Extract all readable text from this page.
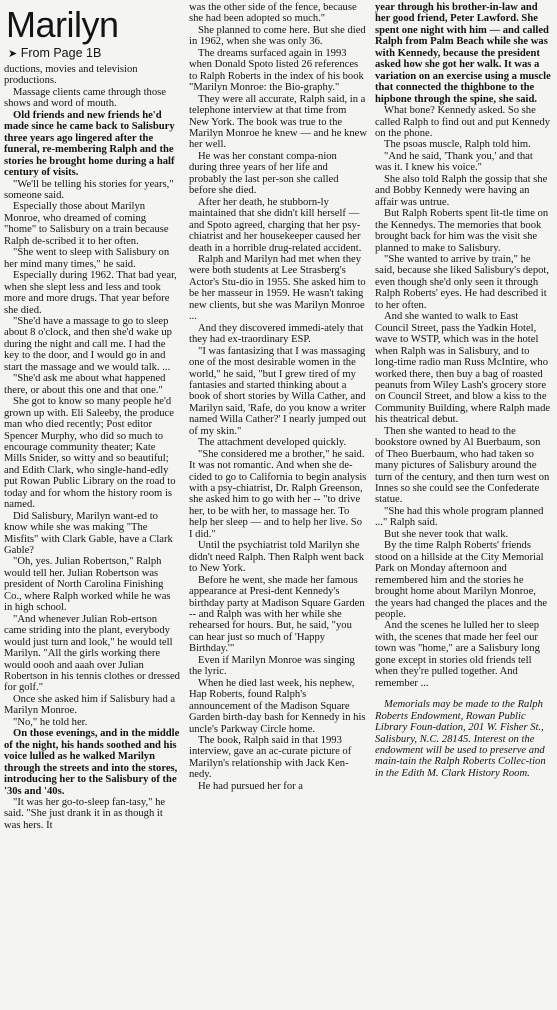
Marilyn
➤ From Page 1B

ductions, movies and television productions.

Massage clients came through those shows and word of mouth.

Old friends and new friends he'd made since he came back to Salisbury three years ago lingered after the funeral, re-membering Ralph and the stories he brought home during a half century of visits.

"We'll be telling his stories for years," someone said.

Especially those about Marilyn Monroe, who dreamed of coming "home" to Salisbury on a train because Ralph de-scribed it to her often.

"She went to sleep with Salisbury on her mind many times," he said.

Especially during 1962. That bad year, when she slept less and less and took more and more drugs. That year before she died.

"She'd have a massage to go to sleep about 8 o'clock, and then she'd wake up during the night and call me. I had the key to the door, and I would go in and start the massage and we would talk. ...

"She'd ask me about what happened there, or about this one and that one."

She got to know so many people he'd grown up with. Eli Saleeby, the produce man who died recently; Post editor Spencer Murphy, who did so much to encourage community theater; Kate Mills Snider, so witty and so beautiful; and Edith Clark, who single-hand-edly put Rowan Public Library on the road to today and for whom the history room is named.

Did Salisbury, Marilyn want-ed to know while she was making "The Misfits" with Clark Gable, have a Clark Gable?

"Oh, yes. Julian Robertson," Ralph would tell her. Julian Robertson was president of North Carolina Finishing Co., where Ralph worked while he was in high school.

"And whenever Julian Rob-ertson came striding into the plant, everybody would just turn and look," he would tell Marilyn. "All the girls working there would oooh and aaah over Julian Robertson in his tennis clothes or dressed for golf."

Once she asked him if Salisbury had a Marilyn Monroe.

"No," he told her.

On those evenings, and in the middle of the night, his hands soothed and his voice lulled as he walked Marilyn through the streets and into the stores, introducing her to the Salisbury of the '30s and '40s.

"It was her go-to-sleep fan-tasy," he said. "She just drank it in as though it was hers. It

was the other side of the fence, because she had been adopted so much."

She planned to come here. But she died in 1962, when she was only 36.

The dreams surfaced again in 1993 when Donald Spoto listed 26 references to Ralph Roberts in the index of his book "Marilyn Monroe: the Bio-graphy."

They were all accurate, Ralph said, in a telephone interview at that time from New York. The book was true to the Marilyn Monroe he knew — and he knew her well.

He was her constant compa-nion during three years of her life and probably the last per-son she called before she died.

After her death, he stubborn-ly maintained that she didn't kill herself — and Spoto agreed, charging that her psy-chiatrist and her housekeeper caused her death in a horrible drug-related accident.

Ralph and Marilyn had met when they were both students at Lee Strasberg's Actor's Stu-dio in 1955. She asked him to be her masseur in 1959. He wasn't taking new clients, but she was Marilyn Monroe ...

And they discovered immedi-ately that they had ex-traordinary ESP.

"I was fantasizing that I was massaging one of the most desirable women in the world," he said, "but I grew tired of my fantasies and started thinking about a book of short stories by Willa Cather, and Marilyn said, 'Rafe, do you know a writer named Willa Cather?' I nearly jumped out of my skin."

The attachment developed quickly.

"She considered me a brother," he said. It was not romantic. And when she de-cided to go to California to begin analysis with a psy-chiatrist, Dr. Ralph Greenson, she asked him to go with her -- "to drive her, to be with her, to massage her. To help her sleep — and to help her live. So I did."

Until the psychiatrist told Marilyn she didn't need Ralph. Then Ralph went back to New York.

Before he went, she made her famous appearance at Presi-dent Kennedy's birthday party at Madison Square Garden -- and Ralph was with her while she rehearsed for hours. But, he said, "you can hear just so much of 'Happy Birthday.'"

Even if Marilyn Monroe was singing the lyric.

When he died last week, his nephew, Hap Roberts, found Ralph's announcement of the Madison Square Garden birth-day bash for Kennedy in his uncle's Parkway Circle home.

The book, Ralph said in that 1993 interview, gave an ac-curate picture of Marilyn's relationship with Jack Ken-nedy.

He had pursued her for a

year through his brother-in-law and her good friend, Peter Lawford. She spent one night with him — and called Ralph from Palm Beach while she was with Kennedy, because the president asked how she got her walk. It was a variation on an exercise using a muscle that connected the thighbone to the hipbone through the spine, she said.

What bone? Kennedy asked. So she called Ralph to find out and put Kennedy on the phone.

The psoas muscle, Ralph told him.

"And he said, 'Thank you,' and that was it. I knew his voice."

She also told Ralph the gossip that she and Bobby Kennedy were having an affair was untrue.

But Ralph Roberts spent lit-tle time on the Kennedys. The memories that book brought back for him was the visit she planned to make to Salisbury.

"She wanted to arrive by train," he said, because she liked Salisbury's depot, even though she'd only seen it through Ralph Roberts' eyes. He had described it to her often.

And she wanted to walk to East Council Street, pass the Yadkin Hotel, wave to WSTP, which was in the hotel when Ralph was in Salisbury, and to long-time radio man Russ McIntire, who worked there, then buy a bag of roasted peanuts from Wiley Lash's grocery store on Council Street, and blow a kiss to the Community Building, where Ralph made his theatrical debut.

Then she wanted to head to the bookstore owned by Al Buerbaum, son of Theo Buerbaum, who had taken so many pictures of Salisbury around the turn of the century, and then turn west on Innes so she could see the Confederate statue.

"She had this whole program planned ..." Ralph said.

But she never took that walk.

By the time Ralph Roberts' friends stood on a hillside at the City Memorial Park on Monday afternoon and remembered him and the stories he brought home about Marilyn Monroe, the years had changed the places and the people.

And the scenes he lulled her to sleep with, the scenes that made her feel our town was "home," are a Salisbury long gone except in stories old friends tell when they're pulled together. And remember ...

Memorials may be made to the Ralph Roberts Endowment, Rowan Public Library Foun-dation, 201 W. Fisher St., Salisbury, N.C. 28145. Interest on the endowment will be used to preserve and main-tain the Ralph Roberts Collec-tion in the Edith M. Clark History Room.
